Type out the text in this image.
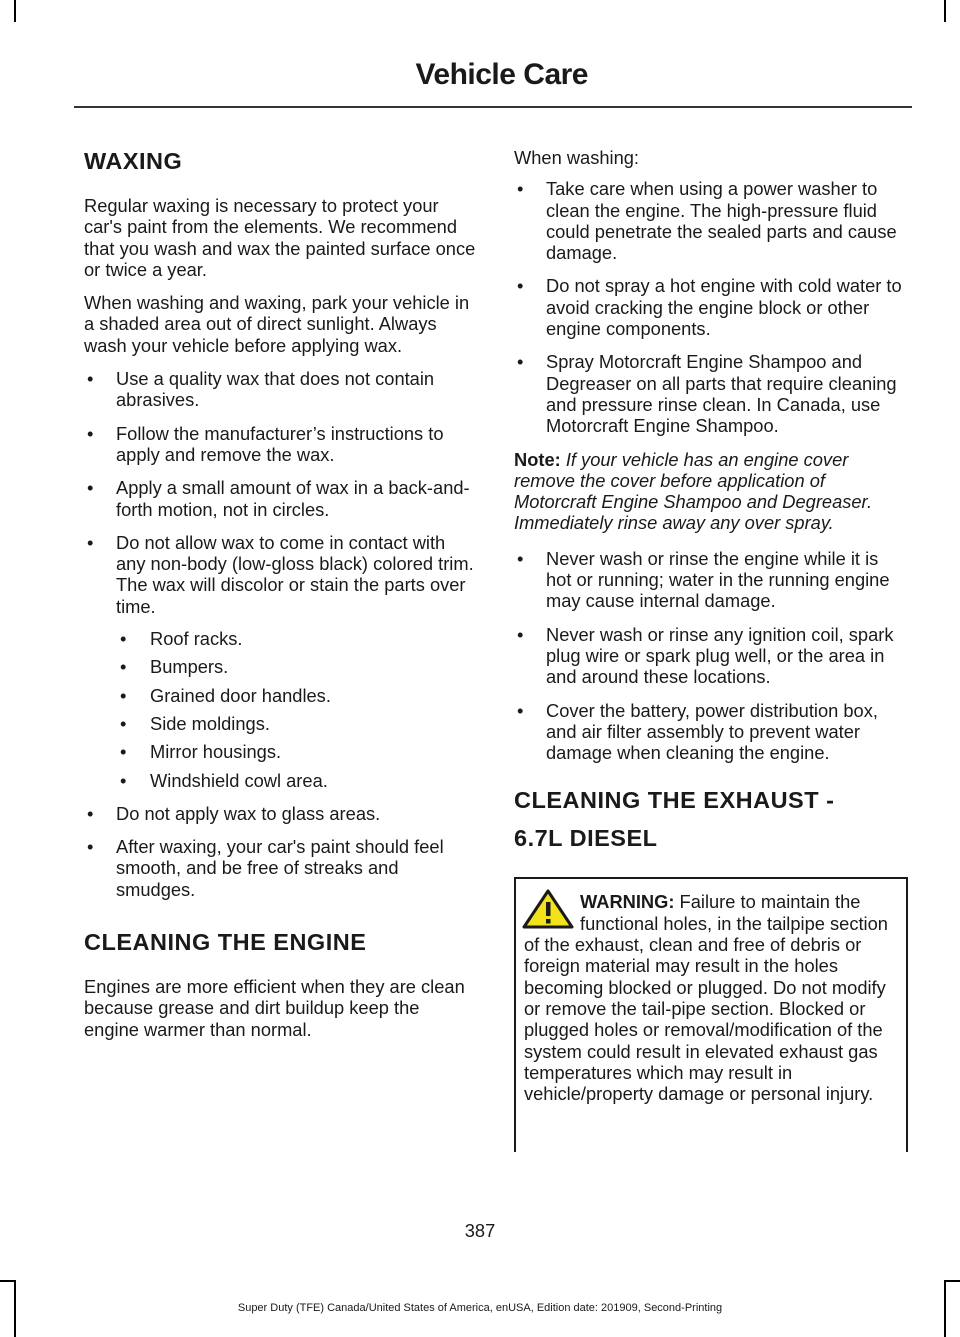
Vehicle Care
WAXING

Regular waxing is necessary to protect your car's paint from the elements. We recommend that you wash and wax the painted surface once or twice a year.

When washing and waxing, park your vehicle in a shaded area out of direct sunlight. Always wash your vehicle before applying wax.

• Use a quality wax that does not contain abrasives.
• Follow the manufacturer’s instructions to apply and remove the wax.
• Apply a small amount of wax in a back-and-forth motion, not in circles.
• Do not allow wax to come in contact with any non-body (low-gloss black) colored trim. The wax will discolor or stain the parts over time.
• Roof racks.
• Bumpers.
• Grained door handles.
• Side moldings.
• Mirror housings.
• Windshield cowl area.
• Do not apply wax to glass areas.
• After waxing, your car's paint should feel smooth, and be free of streaks and smudges.
CLEANING THE ENGINE

Engines are more efficient when they are clean because grease and dirt buildup keep the engine warmer than normal.

When washing:

• Take care when using a power washer to clean the engine. The high-pressure fluid could penetrate the sealed parts and cause damage.
• Do not spray a hot engine with cold water to avoid cracking the engine block or other engine components.
• Spray Motorcraft Engine Shampoo and Degreaser on all parts that require cleaning and pressure rinse clean. In Canada, use Motorcraft Engine Shampoo.

Note: If your vehicle has an engine cover remove the cover before application of Motorcraft Engine Shampoo and Degreaser. Immediately rinse away any over spray.

• Never wash or rinse the engine while it is hot or running; water in the running engine may cause internal damage.
• Never wash or rinse any ignition coil, spark plug wire or spark plug well, or the area in and around these locations.
• Cover the battery, power distribution box, and air filter assembly to prevent water damage when cleaning the engine.
CLEANING THE EXHAUST -
6.7L DIESEL
WARNING: Failure to maintain the functional holes, in the tailpipe section of the exhaust, clean and free of debris or foreign material may result in the holes becoming blocked or plugged. Do not modify or remove the tail-pipe section. Blocked or plugged holes or removal/modification of the system could result in elevated exhaust gas temperatures which may result in vehicle/property damage or personal injury.
387
Super Duty (TFE) Canada/United States of America, enUSA, Edition date: 201909, Second-Printing
